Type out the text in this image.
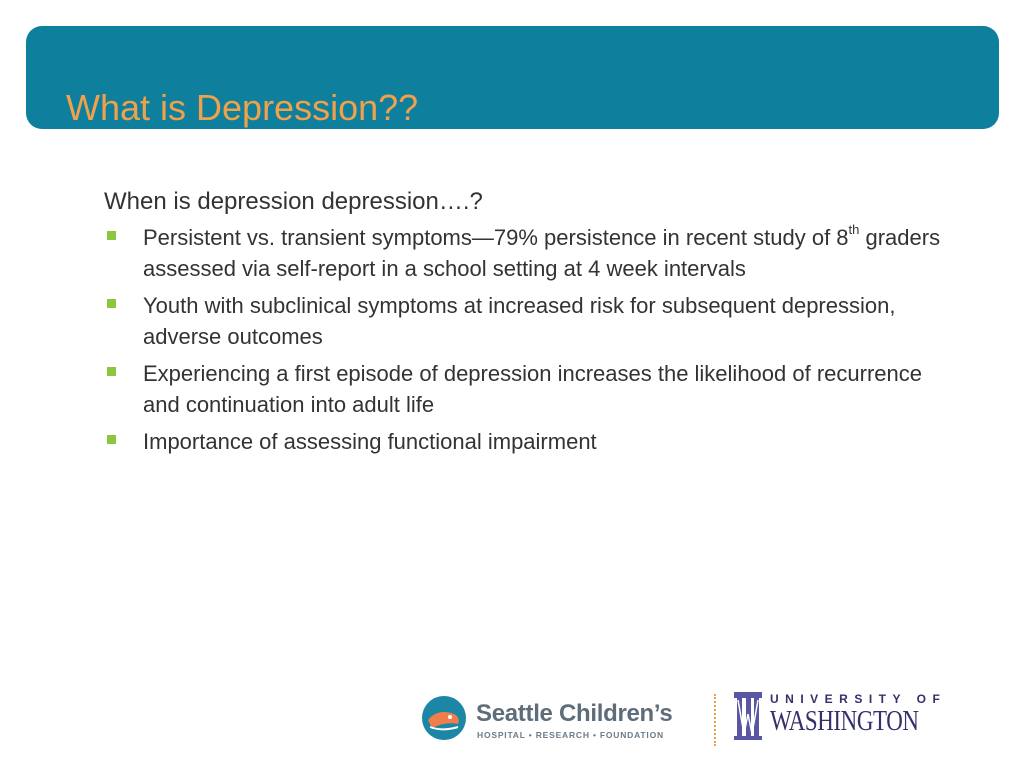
What is Depression??

When is depression depression….?

Persistent vs. transient symptoms—79% persistence in recent study of 8th graders assessed via self-report in a school setting at 4 week intervals
Youth with subclinical symptoms at increased risk for subsequent depression, adverse outcomes
Experiencing a first episode of depression increases the likelihood of recurrence and continuation into adult life
Importance of assessing functional impairment
Seattle Children’s
HOSPITAL • RESEARCH • FOUNDATION
UNIVERSITY OF
WASHINGTON
